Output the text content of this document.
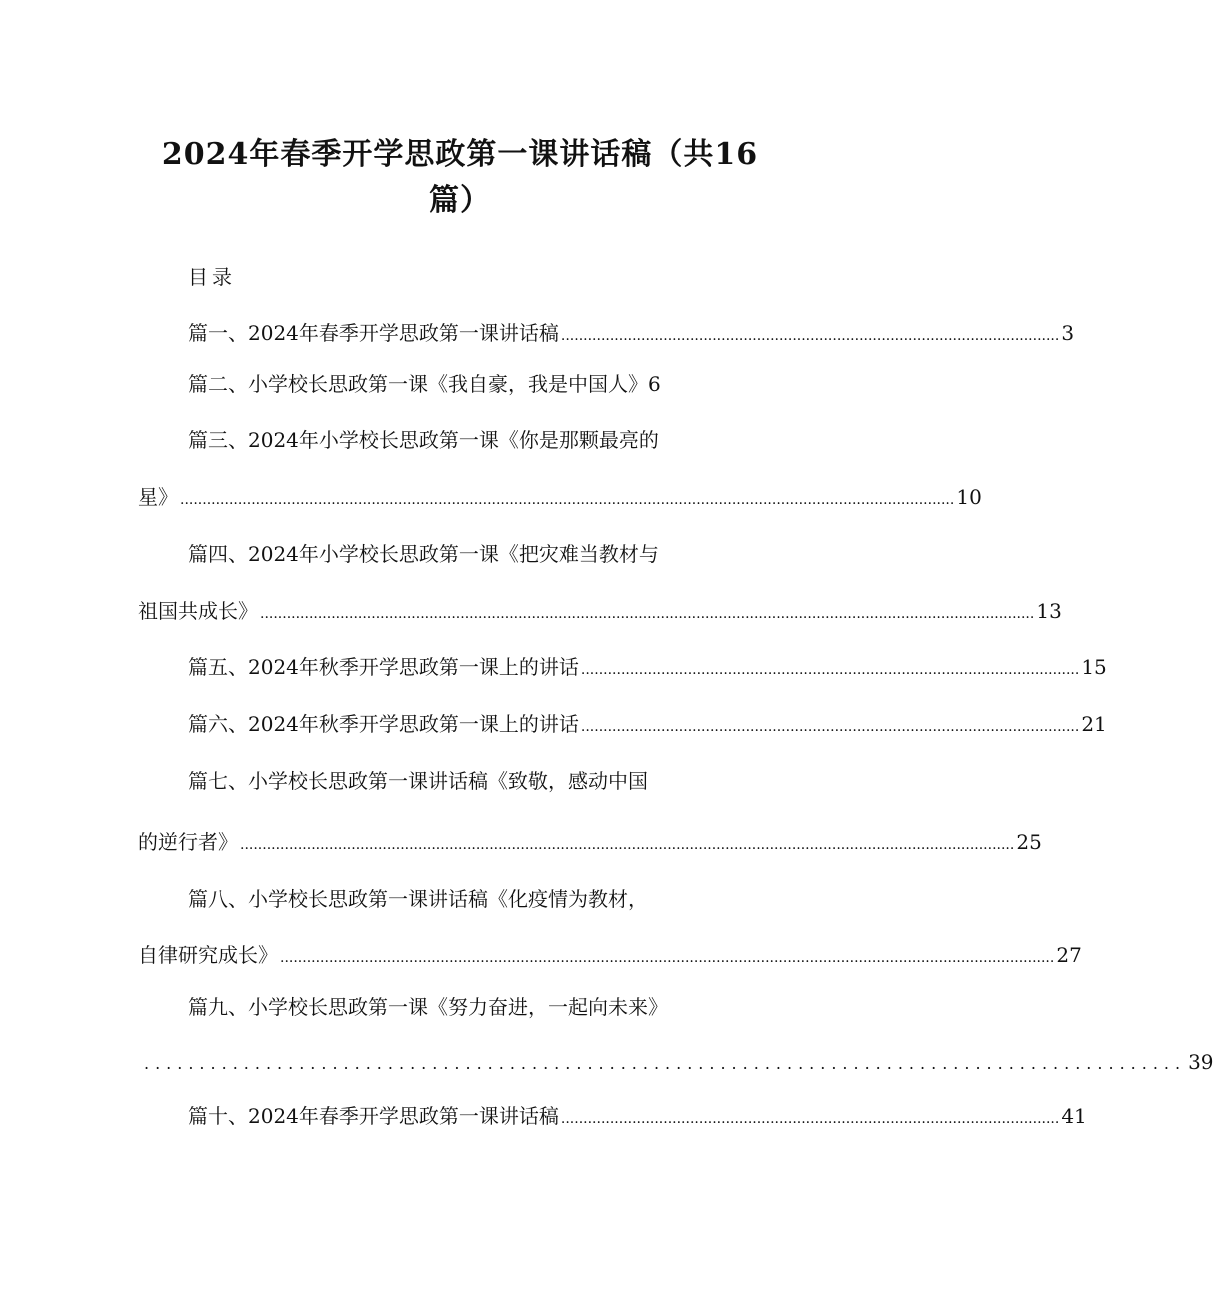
2024年春季开学思政第一课讲话稿（共16
篇）
目录
篇一、2024年春季开学思政第一课讲话稿 ................................................................................................................ 3
篇二、小学校长思政第一课《我自豪，我是中国人》 6
篇三、2024年小学校长思政第一课《你是那颗最亮的
星》 .............................................................................................................................................................................. 10
篇四、2024年小学校长思政第一课《把灾难当教材与
祖国共成长》 .............................................................................................................................................................................. 13
篇五、2024年秋季开学思政第一课上的讲话 ................................................................................................................ 15
篇六、2024年秋季开学思政第一课上的讲话 ................................................................................................................ 21
篇七、小学校长思政第一课讲话稿《致敬，感动中国
的逆行者》 .............................................................................................................................................................................. 25
篇八、小学校长思政第一课讲话稿《化疫情为教材，
自律研究成长》 .............................................................................................................................................................................. 27
篇九、小学校长思政第一课《努力奋进，一起向未来》
.............................................................................................. 39
篇十、2024年春季开学思政第一课讲话稿 ................................................................................................................ 41
